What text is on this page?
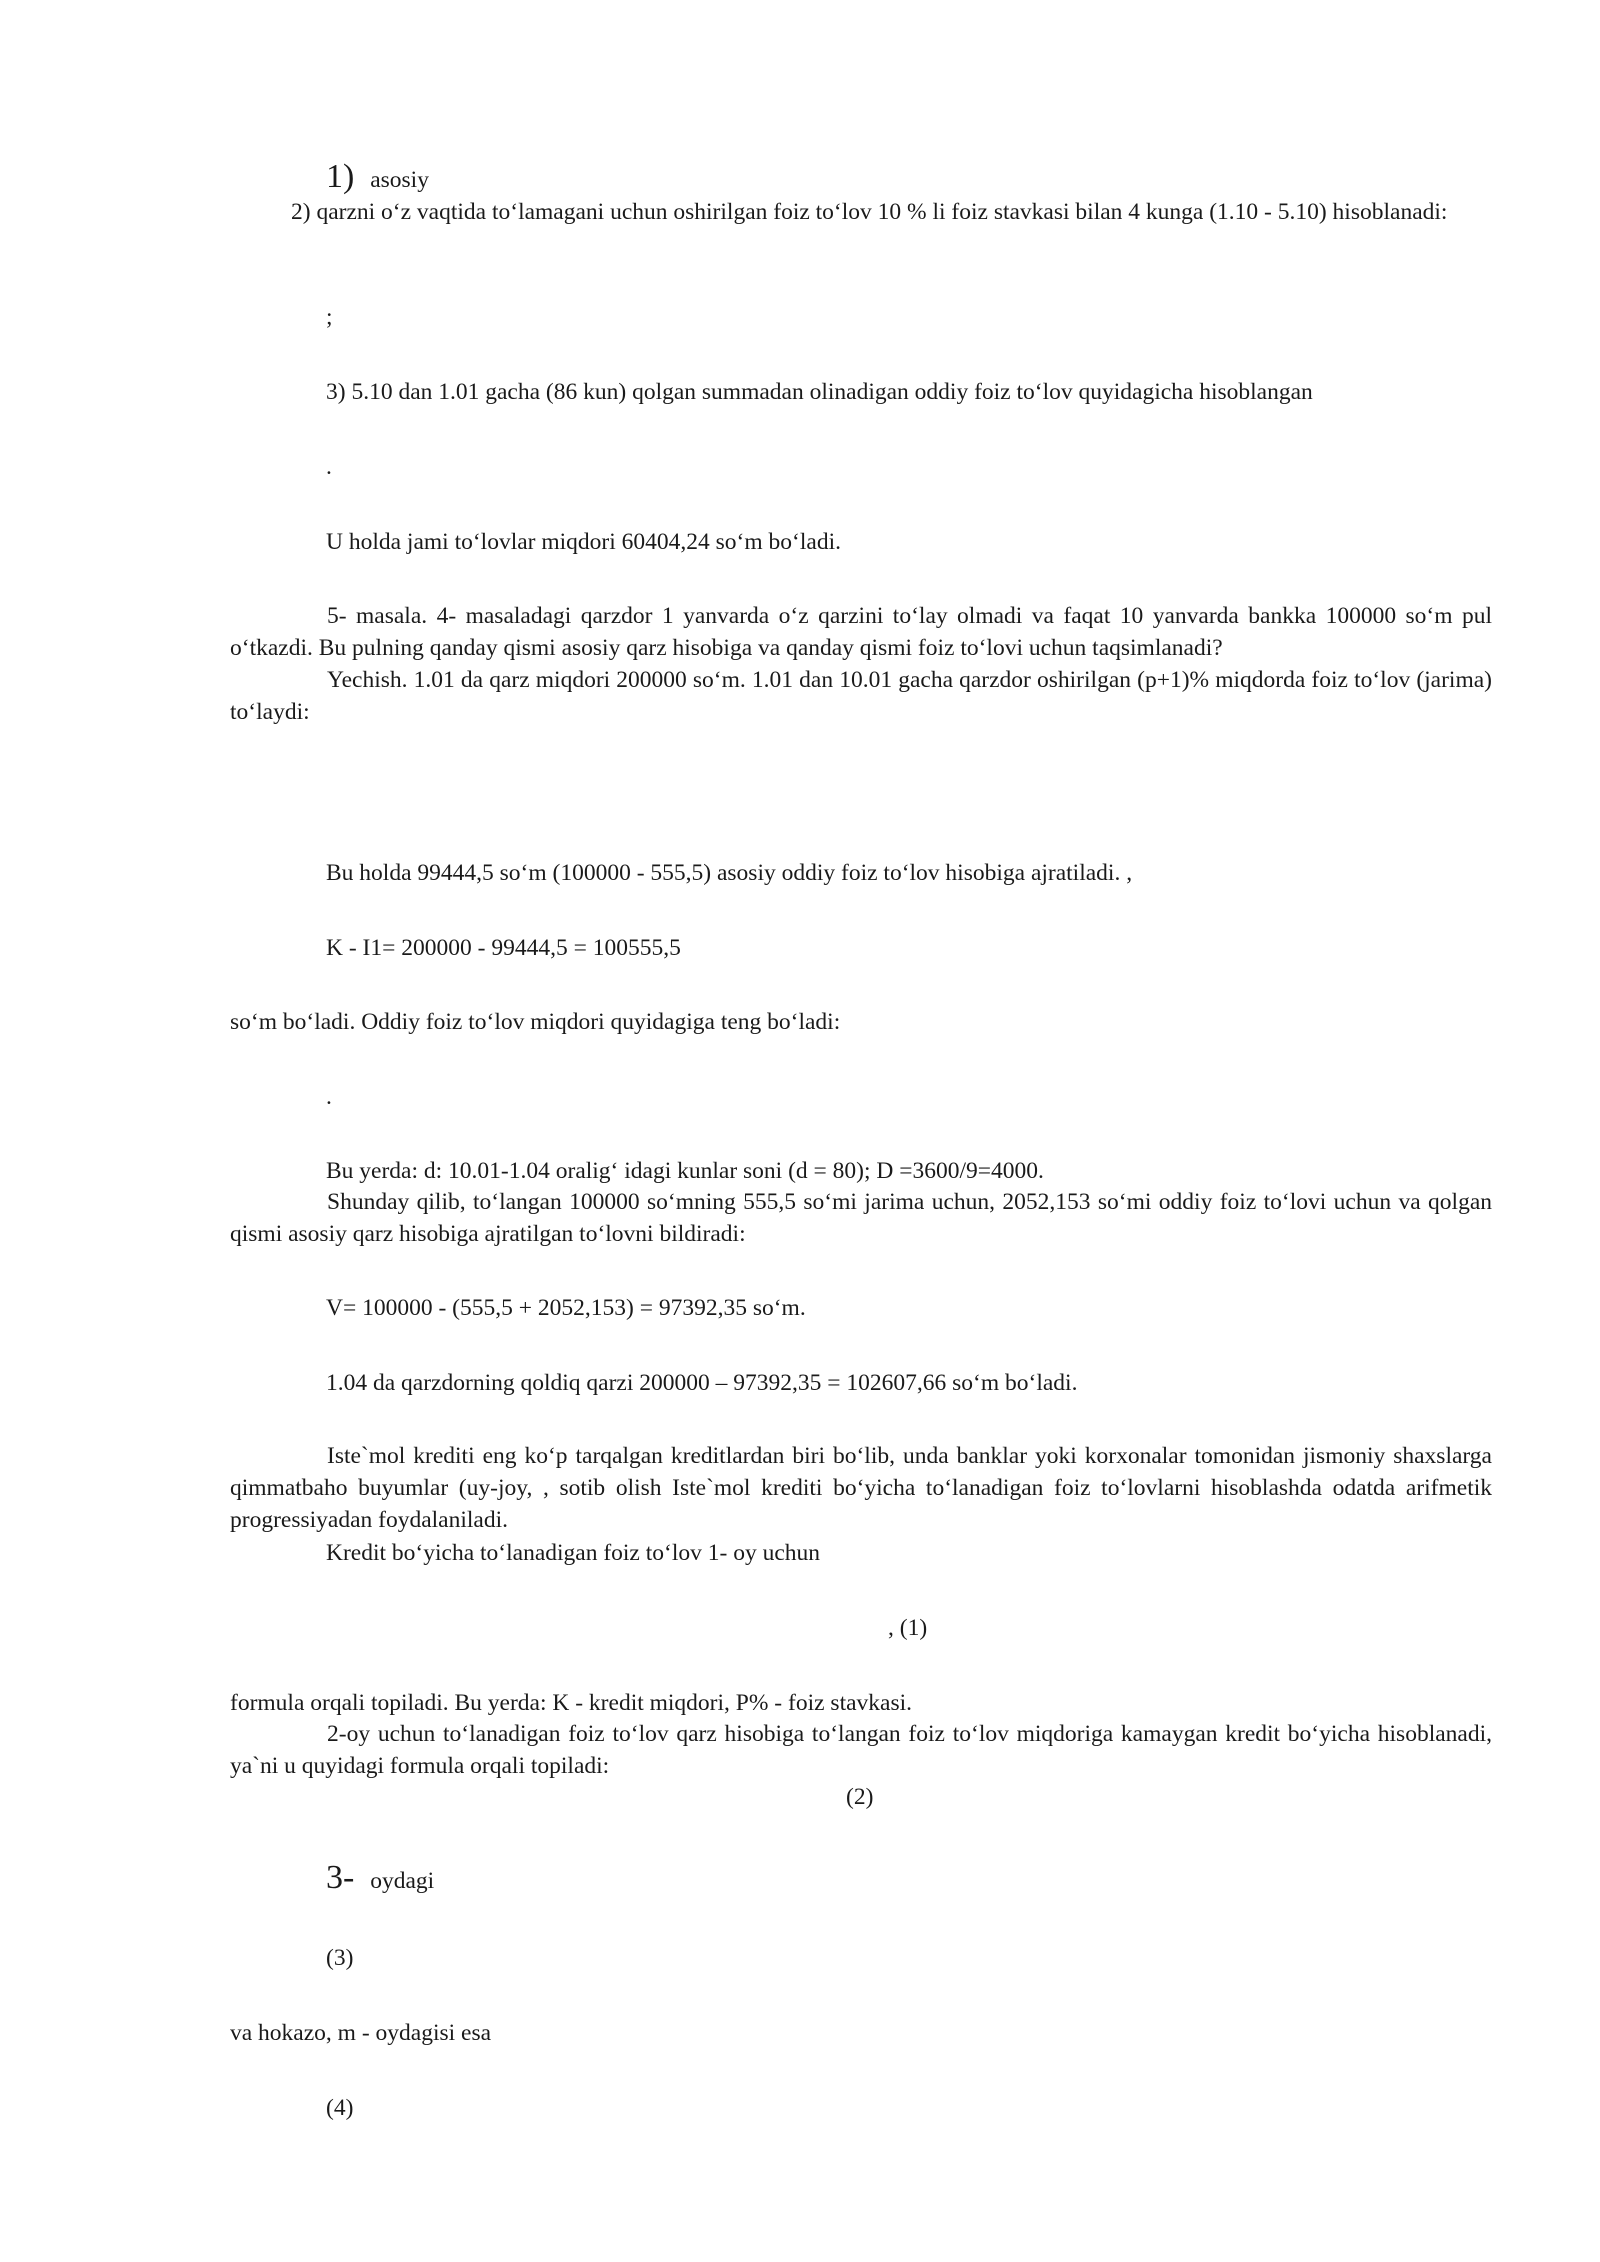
1) asosiy
2) qarzni o‘z vaqtida to‘lamagani uchun oshirilgan foiz to‘lov 10 % li foiz stavkasi bilan 4 kunga (1.10 - 5.10) hisoblanadi:
;
3) 5.10 dan 1.01 gacha (86 kun) qolgan summadan olinadigan oddiy foiz to‘lov quyidagicha hisoblangan
.
U holda jami to‘lovlar miqdori 60404,24 so‘m bo‘ladi.
5- masala. 4- masaladagi qarzdor 1 yanvarda o‘z qarzini to‘lay olmadi va faqat 10 yanvarda bankka 100000 so‘m pul o‘tkazdi. Bu pulning qanday qismi asosiy qarz hisobiga va qanday qismi foiz to‘lovi uchun taqsimlanadi?
Yechish. 1.01 da qarz miqdori 200000 so‘m. 1.01 dan 10.01 gacha qarzdor oshirilgan (p+1)% miqdorda foiz to‘lov (jarima) to‘laydi:
Bu holda 99444,5 so‘m (100000 - 555,5) asosiy oddiy foiz to‘lov hisobiga ajratiladi. ,
K - I1= 200000 - 99444,5 = 100555,5
so‘m bo‘ladi. Oddiy foiz to‘lov miqdori quyidagiga teng bo‘ladi:
.
Bu yerda: d: 10.01-1.04 oralig‘ idagi kunlar soni (d = 80); D =3600/9=4000.
Shunday qilib, to‘langan 100000 so‘mning 555,5 so‘mi jarima uchun, 2052,153 so‘mi oddiy foiz to‘lovi uchun va qolgan qismi asosiy qarz hisobiga ajratilgan to‘lovni bildiradi:
V= 100000 - (555,5 + 2052,153) = 97392,35 so‘m.
1.04 da qarzdorning qoldiq qarzi 200000 – 97392,35 = 102607,66 so‘m bo‘ladi.
Iste`mol krediti eng ko‘p tarqalgan kreditlardan biri bo‘lib, unda banklar yoki korxonalar tomonidan jismoniy shaxslarga qimmatbaho buyumlar (uy-joy, , sotib olish Iste`mol krediti bo‘yicha to‘lanadigan foiz to‘lovlarni hisoblashda odatda arifmetik progressiyadan foydalaniladi.
Kredit bo‘yicha to‘lanadigan foiz to‘lov 1- oy uchun
, (1)
formula orqali topiladi. Bu yerda: K - kredit miqdori, P% - foiz stavkasi.
2-oy uchun to‘lanadigan foiz to‘lov qarz hisobiga to‘langan foiz to‘lov miqdoriga kamaygan kredit bo‘yicha hisoblanadi, ya`ni u quyidagi formula orqali topiladi:
(2)
3- oydagi
(3)
va hokazo, m - oydagisi esa
(4)
